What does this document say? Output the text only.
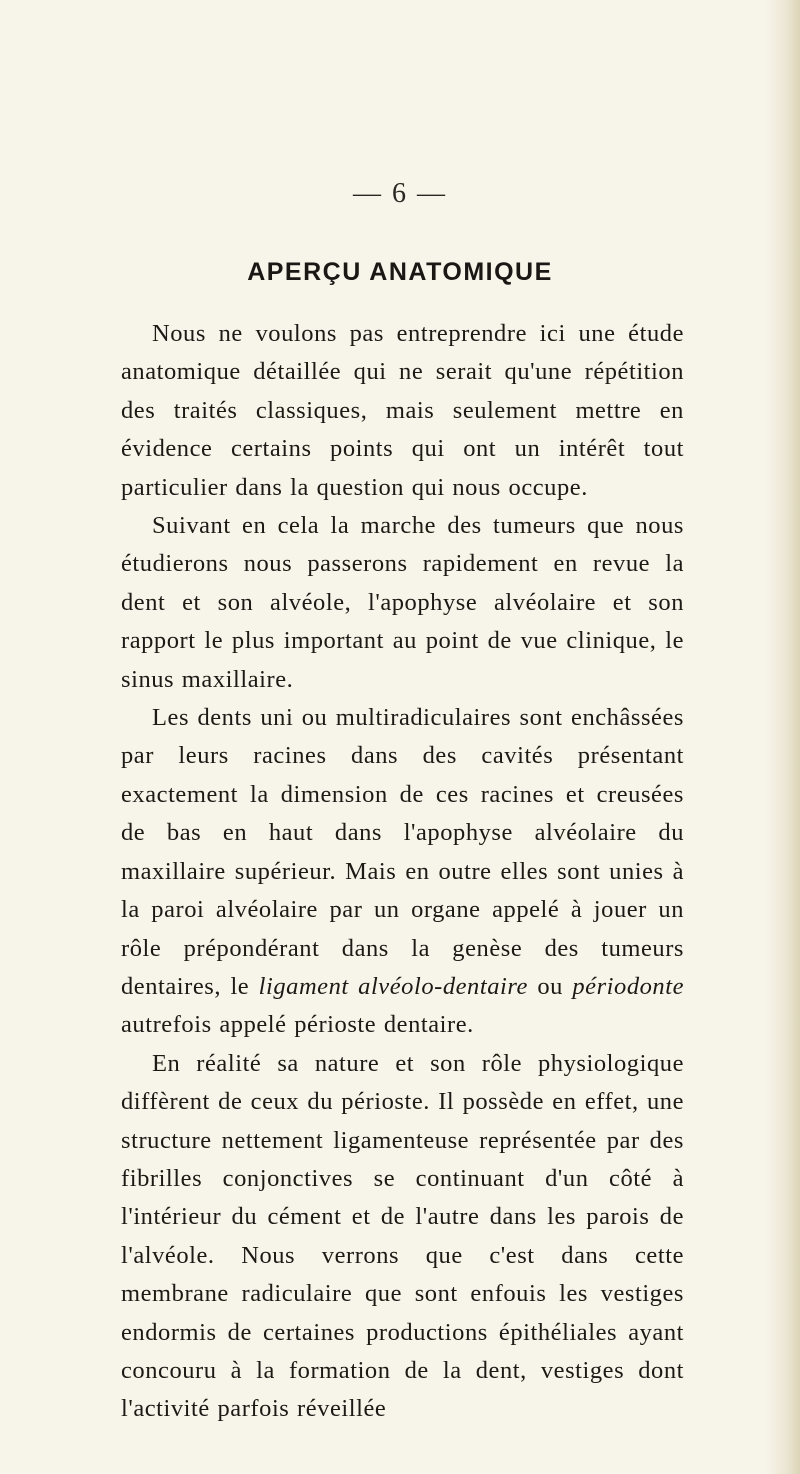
— 6 —
APERÇU ANATOMIQUE

Nous ne voulons pas entreprendre ici une étude anatomique détaillée qui ne serait qu'une répétition des traités classiques, mais seulement mettre en évidence certains points qui ont un intérêt tout particulier dans la question qui nous occupe.

Suivant en cela la marche des tumeurs que nous étudierons nous passerons rapidement en revue la dent et son alvéole, l'apophyse alvéolaire et son rapport le plus important au point de vue clinique, le sinus maxillaire.

Les dents uni ou multiradiculaires sont enchâssées par leurs racines dans des cavités présentant exactement la dimension de ces racines et creusées de bas en haut dans l'apophyse alvéolaire du maxillaire supérieur. Mais en outre elles sont unies à la paroi alvéolaire par un organe appelé à jouer un rôle prépondérant dans la genèse des tumeurs dentaires, le ligament alvéolo-dentaire ou périodonte autrefois appelé périoste dentaire.

En réalité sa nature et son rôle physiologique diffèrent de ceux du périoste. Il possède en effet, une structure nettement ligamenteuse représentée par des fibrilles conjonctives se continuant d'un côté à l'intérieur du cément et de l'autre dans les parois de l'alvéole. Nous verrons que c'est dans cette membrane radiculaire que sont enfouis les vestiges endormis de certaines productions épithéliales ayant concouru à la formation de la dent, vestiges dont l'activité parfois réveillée
